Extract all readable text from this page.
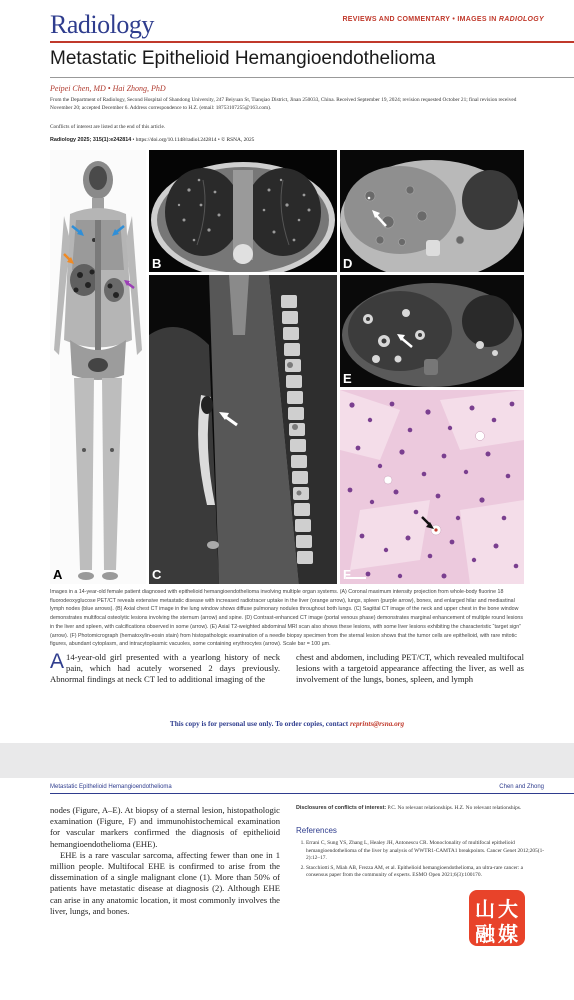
Radiology	REVIEWS AND COMMENTARY • IMAGES IN RADIOLOGY
Metastatic Epithelioid Hemangioendothelioma
Peipei Chen, MD • Hai Zhong, PhD
From the Department of Radiology, Second Hospital of Shandong University, 247 Beiyuan St, Tianqiao District, Jinan 250033, China. Received September 19, 2024; revision requested October 21; final revision received November 20; accepted December 6. Address correspondence to H.Z. (email: 18753107255@163.com).
Conflicts of interest are listed at the end of this article.
Radiology 2025; 315(1):e242814 • https://doi.org/10.1148/radiol.242814 • © RSNA, 2025
A
B
C
D
E
F
Images in a 14-year-old female patient diagnosed with epithelioid hemangioendothelioma involving multiple organ systems. (A) Coronal maximum intensity projection from whole-body fluorine 18 fluorodeoxyglucose PET/CT reveals extensive metastatic disease with increased radiotracer uptake in the liver (orange arrow), lungs, spleen (purple arrow), bones, and enlarged hilar and mediastinal lymph nodes (blue arrows). (B) Axial chest CT image in the lung window shows diffuse pulmonary nodules throughout both lungs. (C) Sagittal CT image of the neck and upper chest in the bone window demonstrates multifocal osteolytic lesions involving the sternum (arrow) and spine. (D) Contrast-enhanced CT image (portal venous phase) demonstrates marginal enhancement of multiple round lesions in the liver and spleen, with calcifications observed in some (arrow). (E) Axial T2-weighted abdominal MRI scan also shows these lesions, with some liver lesions exhibiting the characteristic “target sign” (arrow). (F) Photomicrograph (hematoxylin-eosin stain) from histopathologic examination of a needle biopsy specimen from the sternal lesion shows that the tumor cells are epithelioid, with rare mitotic figures, abundant cytoplasm, and intracytoplasmic vacuoles, some containing erythrocytes (arrow). Scale bar = 100 µm.
A 14-year-old girl presented with a yearlong history of neck pain, which had acutely worsened 2 days previously. Abnormal findings at neck CT led to additional imaging of the
chest and abdomen, including PET/CT, which revealed multifocal lesions with a targetoid appearance affecting the liver, as well as involvement of the lungs, bones, spleen, and lymph
This copy is for personal use only. To order copies, contact reprints@rsna.org
Metastatic Epithelioid Hemangioendothelioma	Chen and Zhong
nodes (Figure, A–E). At biopsy of a sternal lesion, histopathologic examination (Figure, F) and immunohistochemical examination for vascular markers confirmed the diagnosis of epithelioid hemangioendothelioma (EHE).
EHE is a rare vascular sarcoma, affecting fewer than one in 1 million people. Multifocal EHE is confirmed to arise from the dissemination of a single malignant clone (1). More than 50% of patients have metastatic disease at diagnosis (2). Although EHE can arise in any anatomic location, it most commonly involves the liver, lungs, and bones.
Disclosures of conflicts of interest: P.C. No relevant relationships. H.Z. No relevant relationships.
References
1. Errani C, Sung YS, Zhang L, Healey JH, Antonescu CR. Monoclonality of multifocal epithelioid hemangioendothelioma of the liver by analysis of WWTR1-CAMTA1 breakpoints. Cancer Genet 2012;205(1-2):12–17.
2. Stacchiotti S, Miah AB, Frezza AM, et al. Epithelioid hemangioendothelioma, an ultra-rare cancer: a consensus paper from the community of experts. ESMO Open 2021;6(3):100170.
山 大
融 媒
